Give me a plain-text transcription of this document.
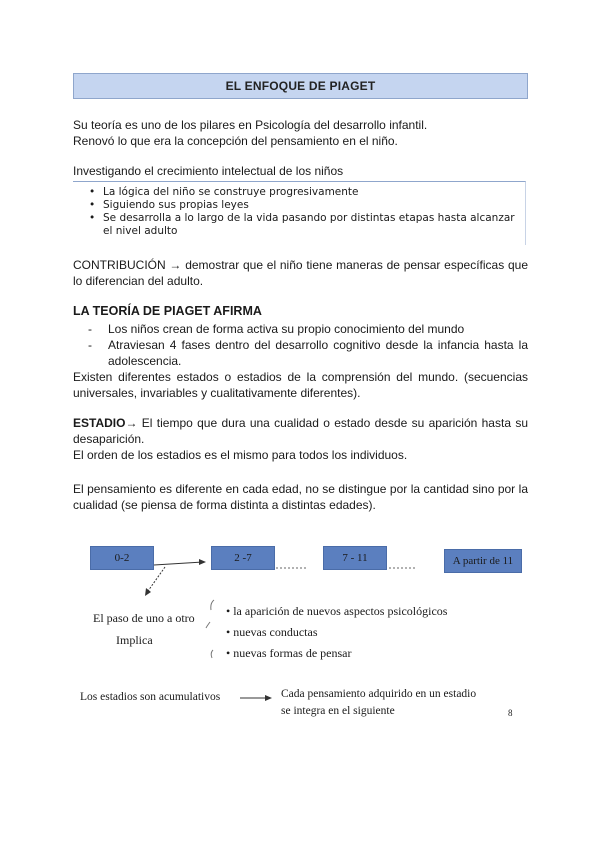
EL ENFOQUE DE PIAGET
Su teoría es uno de los pilares en Psicología del desarrollo infantil.
Renovó lo que era la concepción del pensamiento en el niño.
Investigando el crecimiento intelectual de los niños
• La lógica del niño se construye progresivamente
• Siguiendo sus propias leyes
• Se desarrolla a lo largo de la vida pasando por distintas etapas hasta alcanzar el nivel adulto
CONTRIBUCIÓN → demostrar que el niño tiene maneras de pensar específicas que lo diferencian del adulto.
LA TEORÍA DE PIAGET AFIRMA
- Los niños crean de forma activa su propio conocimiento del mundo
- Atraviesan 4 fases dentro del desarrollo cognitivo desde la infancia hasta la adolescencia.
Existen diferentes estados o estadios de la comprensión del mundo. (secuencias universales, invariables y cualitativamente diferentes).
ESTADIO→ El tiempo que dura una cualidad o estado desde su aparición hasta su desaparición.
El orden de los estadios es el mismo para todos los individuos.
El pensamiento es diferente en cada edad, no se distingue por la cantidad sino por la cualidad (se piensa de forma distinta a distintas edades).
0-2	2 -7	7 - 11	A partir de 11
El paso de uno a otro
Implica
• la aparición de nuevos aspectos psicológicos
• nuevas conductas
• nuevas formas de pensar
Los estadios son acumulativos	Cada pensamiento adquirido en un estadio
se integra en el siguiente	8
